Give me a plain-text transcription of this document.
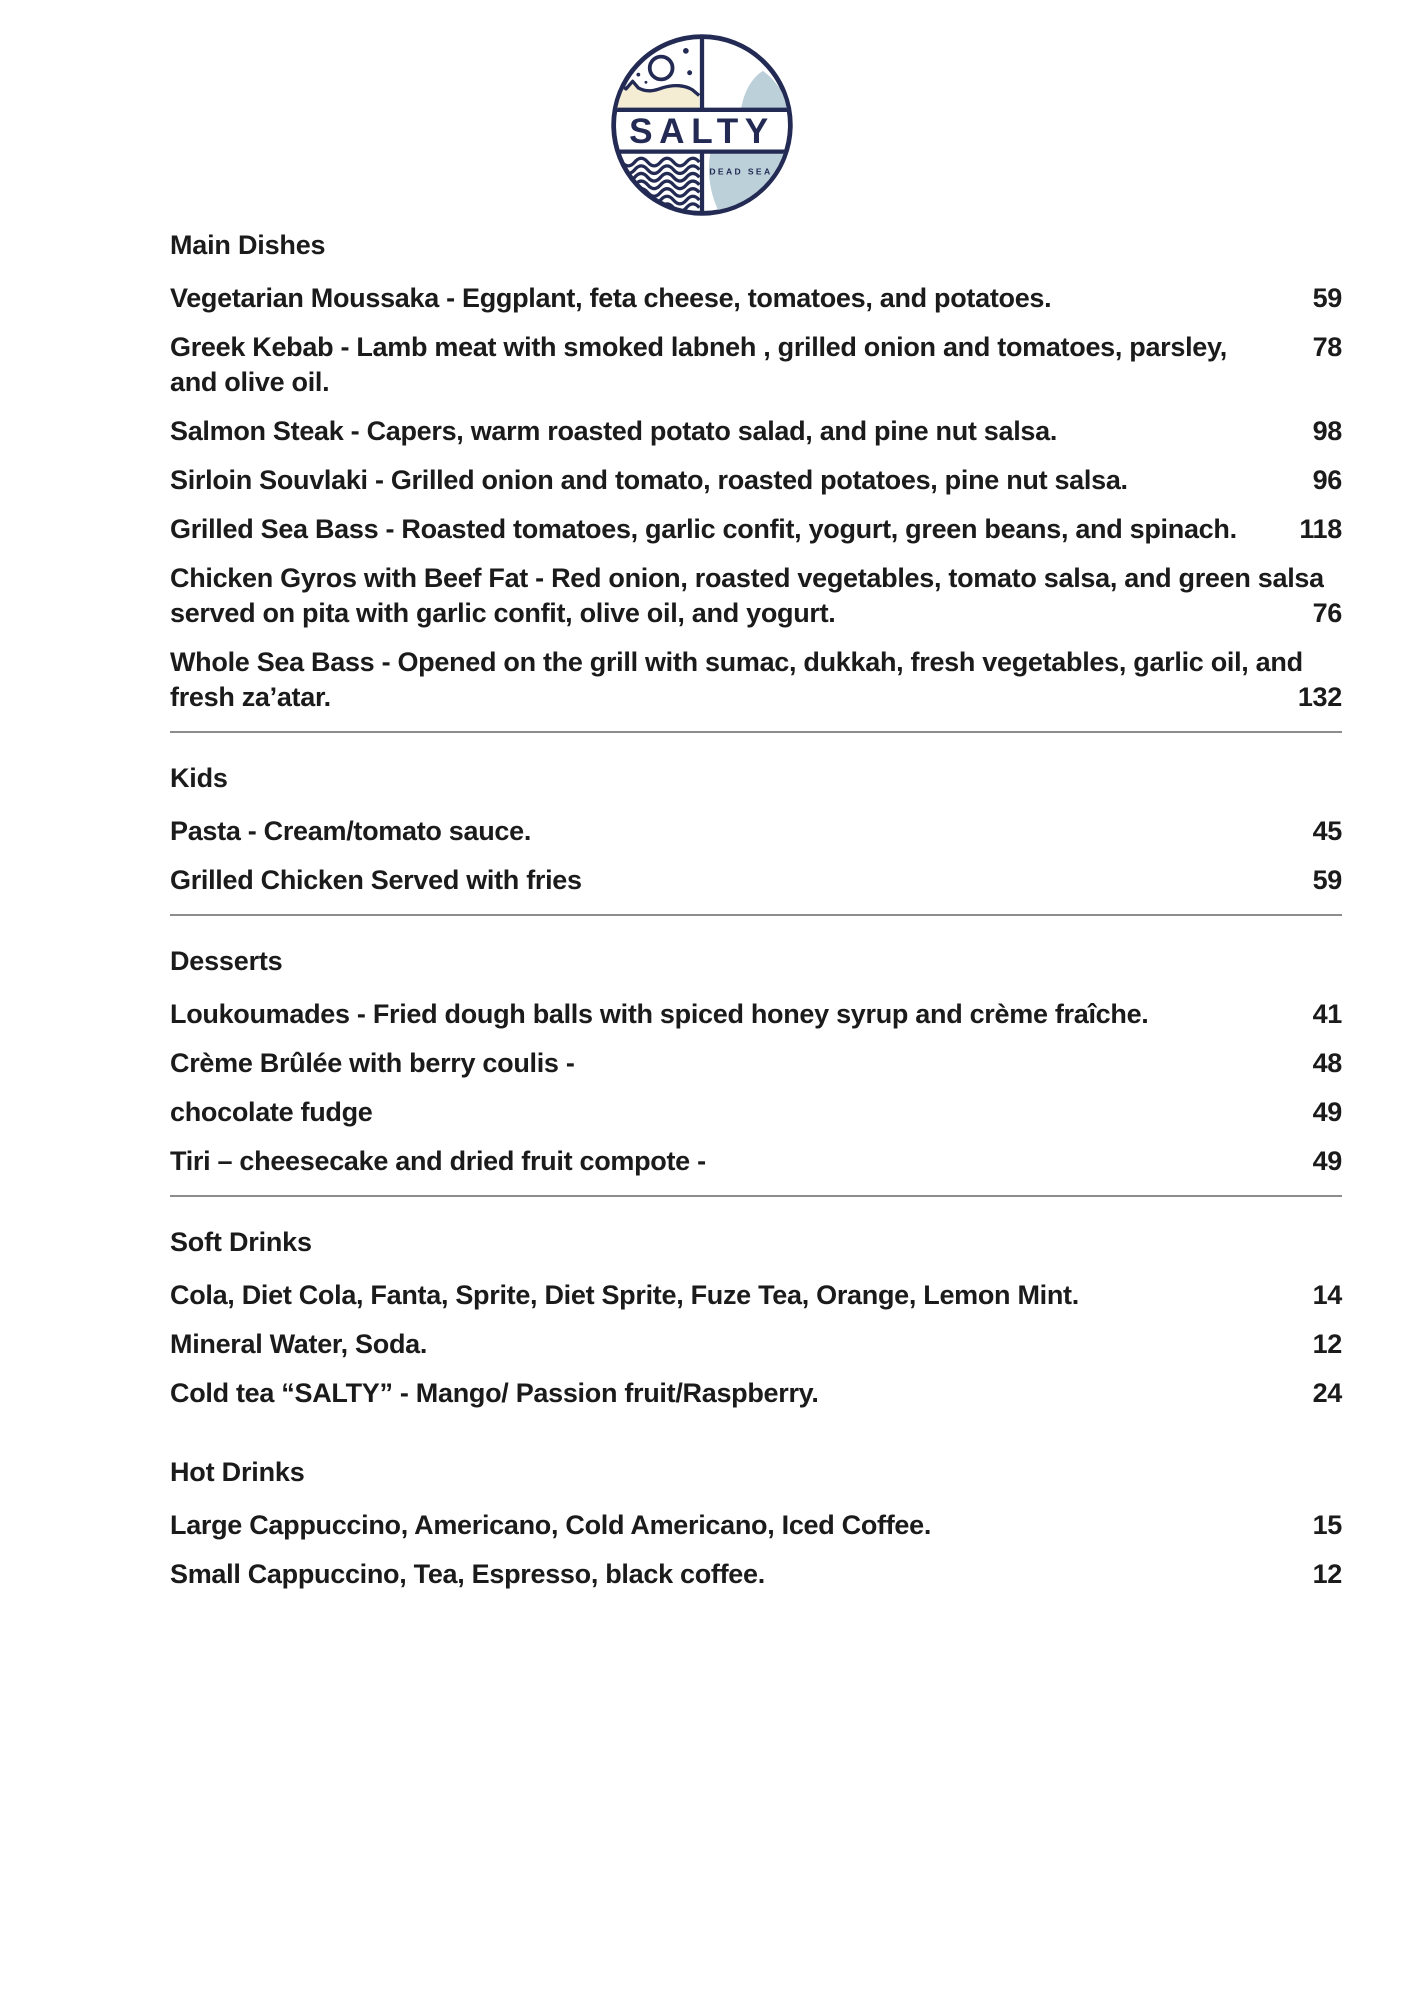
SALTY
DEAD SEA
Main Dishes
Vegetarian Moussaka - Eggplant, feta cheese, tomatoes, and potatoes.	59
Greek Kebab - Lamb meat with smoked labneh , grilled onion and tomatoes, parsley,	78
and olive oil.
Salmon Steak - Capers, warm roasted potato salad, and pine nut salsa.	98
Sirloin Souvlaki - Grilled onion and tomato, roasted potatoes, pine nut salsa.	96
Grilled Sea Bass - Roasted tomatoes, garlic confit, yogurt, green beans, and spinach. 118
Chicken Gyros with Beef Fat - Red onion, roasted vegetables, tomato salsa, and green salsa
served on pita with garlic confit, olive oil, and yogurt.	76
Whole Sea Bass - Opened on the grill with sumac, dukkah, fresh vegetables, garlic oil, and
fresh za’atar.	132
Kids
Pasta - Cream/tomato sauce.	45
Grilled Chicken Served with fries	59
Desserts
Loukoumades - Fried dough balls with spiced honey syrup and crème fraîche.	41
Crème Brûlée with berry coulis -	48
chocolate fudge	49
Tiri – cheesecake and dried fruit compote -	49
Soft Drinks
Cola, Diet Cola, Fanta, Sprite, Diet Sprite, Fuze Tea, Orange, Lemon Mint.	14
Mineral Water, Soda.	12
Cold tea “SALTY” - Mango/ Passion fruit/Raspberry.	24
Hot Drinks
Large Cappuccino, Americano, Cold Americano, Iced Coffee.	15
Small Cappuccino, Tea, Espresso, black coffee.	12
